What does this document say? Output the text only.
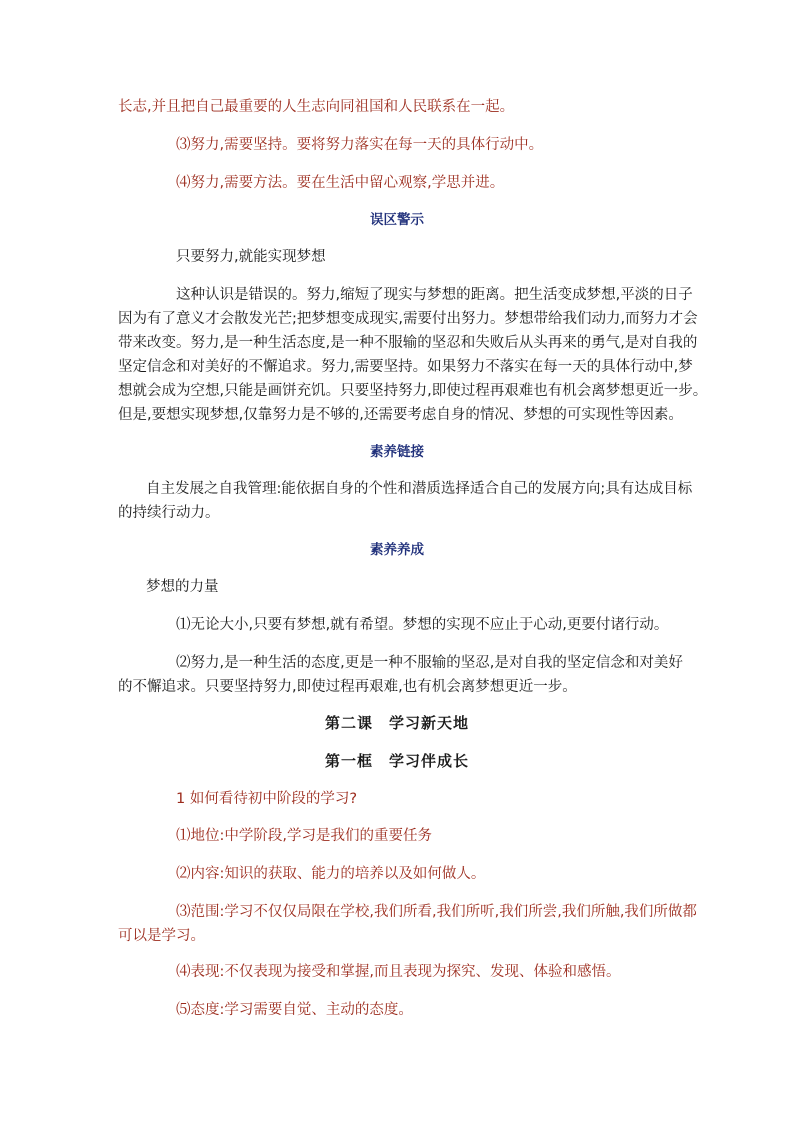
长志,并且把自己最重要的人生志向同祖国和人民联系在一起。
⑶努力,需要坚持。要将努力落实在每一天的具体行动中。
⑷努力,需要方法。要在生活中留心观察,学思并进。
误区警示
只要努力,就能实现梦想
这种认识是错误的。努力,缩短了现实与梦想的距离。把生活变成梦想,平淡的日子
因为有了意义才会散发光芒;把梦想变成现实,需要付出努力。梦想带给我们动力,而努力才会
带来改变。努力,是一种生活态度,是一种不服输的坚忍和失败后从头再来的勇气,是对自我的
坚定信念和对美好的不懈追求。努力,需要坚持。如果努力不落实在每一天的具体行动中,梦
想就会成为空想,只能是画饼充饥。只要坚持努力,即使过程再艰难也有机会离梦想更近一步。
但是,要想实现梦想,仅靠努力是不够的,还需要考虑自身的情况、梦想的可实现性等因素。
素养链接
自主发展之自我管理:能依据自身的个性和潜质选择适合自己的发展方向;具有达成目标
的持续行动力。
素养养成
梦想的力量
⑴无论大小,只要有梦想,就有希望。梦想的实现不应止于心动,更要付诸行动。
⑵努力,是一种生活的态度,更是一种不服输的坚忍,是对自我的坚定信念和对美好
的不懈追求。只要坚持努力,即使过程再艰难,也有机会离梦想更近一步。
第二课　学习新天地
第一框　学习伴成长
1 如何看待初中阶段的学习?
⑴地位:中学阶段,学习是我们的重要任务
⑵内容:知识的获取、能力的培养以及如何做人。
⑶范围:学习不仅仅局限在学校,我们所看,我们所听,我们所尝,我们所触,我们所做都
可以是学习。
⑷表现:不仅表现为接受和掌握,而且表现为探究、发现、体验和感悟。
⑸态度:学习需要自觉、主动的态度。
